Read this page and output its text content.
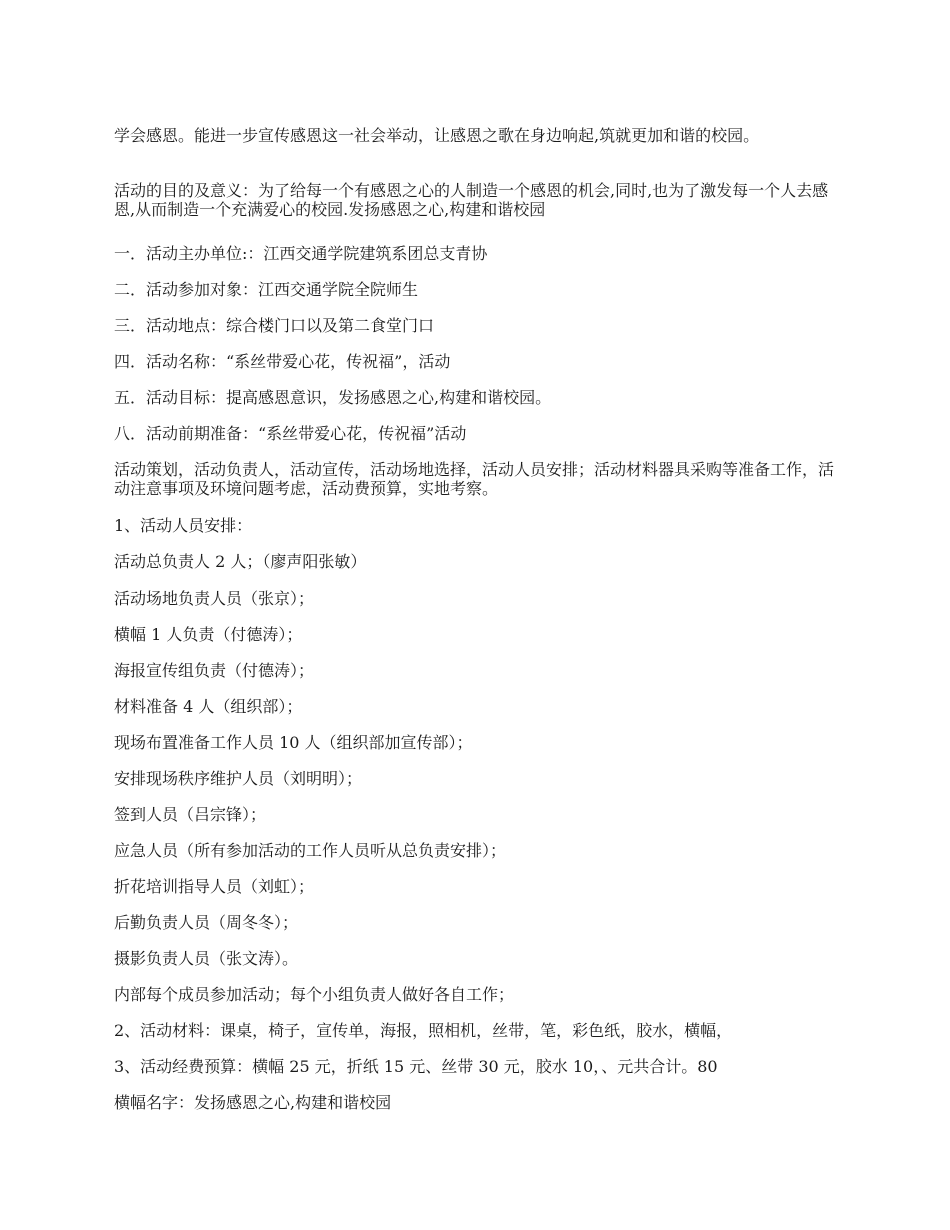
学会感恩。能进一步宣传感恩这一社会举动，让感恩之歌在身边响起,筑就更加和谐的校园。

活动的目的及意义：为了给每一个有感恩之心的人制造一个感恩的机会,同时,也为了激发每一个人去感恩,从而制造一个充满爱心的校园.发扬感恩之心,构建和谐校园

一．活动主办单位:：江西交通学院建筑系团总支青协

二．活动参加对象：江西交通学院全院师生

三．活动地点：综合楼门口以及第二食堂门口

四．活动名称：“系丝带爱心花，传祝福”，活动

五．活动目标：提高感恩意识，发扬感恩之心,构建和谐校园。

八．活动前期准备：“系丝带爱心花，传祝福”活动

活动策划，活动负责人，活动宣传，活动场地选择，活动人员安排；活动材料器具采购等准备工作，活动注意事项及环境问题考虑，活动费预算，实地考察。

1、活动人员安排：

活动总负责人 2 人；（廖声阳张敏）

活动场地负责人员（张京）；

横幅 1 人负责（付德涛）；

海报宣传组负责（付德涛）；

材料准备 4 人（组织部）；

现场布置准备工作人员 10 人（组织部加宣传部）；

安排现场秩序维护人员（刘明明）；

签到人员（吕宗锋）；

应急人员（所有参加活动的工作人员听从总负责安排）；

折花培训指导人员（刘虹）；

后勤负责人员（周冬冬）；

摄影负责人员（张文涛）。

内部每个成员参加活动；每个小组负责人做好各自工作；

2、活动材料：课桌，椅子，宣传单，海报，照相机，丝带，笔，彩色纸，胶水，横幅，

3、活动经费预算：横幅 25 元，折纸 15 元、丝带 30 元，胶水 10，、元共合计。80

横幅名字：发扬感恩之心,构建和谐校园
